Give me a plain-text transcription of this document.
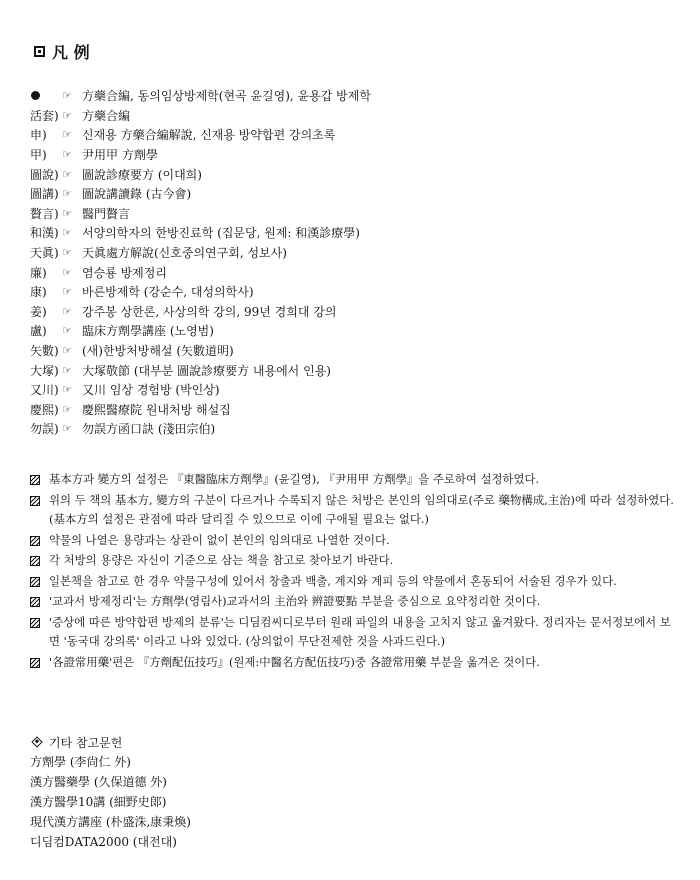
凡 例
☞ 方藥合編, 동의임상방제학(현곡 윤길영), 윤용갑 방제학
活套) ☞ 方藥合編
申)	☞ 신재용 方藥合編解說, 신재용 방약합편 강의초록
甲)	☞ 尹用甲 方劑學
圖說) ☞ 圖說診療要方 (이대희)
圖講) ☞ 圖說講讀錄 (古今會)
贅言) ☞ 醫門贅言
和漢) ☞ 서양의학자의 한방진료학 (집문당, 원제: 和漢診療學)
天眞) ☞ 天眞處方解說(신호중의연구회, 성보사)
廉)	☞ 염승룡 방제정리
康)	☞ 바른방제학 (강순수, 대성의학사)
姜)	☞ 강주봉 상한론, 사상의학 강의, 99년 경희대 강의
盧)	☞ 臨床方劑學講座 (노영범)
矢數) ☞ (새)한방처방해설 (矢數道明)
大塚) ☞ 大塚敬節 (대부분 圖說診療要方 내용에서 인용)
又川) ☞ 又川 임상 경험방 (박인상)
慶熙) ☞ 慶熙醫療院 원내처방 해설집
勿誤) ☞ 勿誤方函口訣 (淺田宗伯)
基本方과 變方의 설정은 『東醫臨床方劑學』(윤길영), 『尹用甲 方劑學』을 주로하여 설정하였다.
위의 두 책의 基本方, 變方의 구분이 다르거나 수록되지 않은 처방은 본인의 임의대로(주로 藥物構成,主治)에 따라 설정하였다. (基本方의 설정은 관점에 따라 달리질 수 있으므로 이에 구애될 필요는 없다.)
약물의 나열은 용량과는 상관이 없이 본인의 임의대로 나열한 것이다.
각 처방의 용량은 자신이 기준으로 삼는 책을 참고로 찾아보기 바란다.
일본책을 참고로 한 경우 약물구성에 있어서 창출과 백출, 계지와 계피 등의 약물에서 혼동되어 서술된 경우가 있다.
'교과서 방제정리'는 方劑學(영림사)교과서의 主治와 辨證要點 부분을 중심으로 요약정리한 것이다.
'증상에 따른 방약합편 방제의 분류'는 디딤컴씨디로부터 원래 파일의 내용을 고치지 않고 옮겨왔다. 정리자는 문서정보에서 보면 '동국대 강의록' 이라고 나와 있었다. (상의없이 무단전제한 것을 사과드린다.)
'各證常用藥'편은 『方劑配伍技巧』(원제:中醫名方配伍技巧)중 各證常用藥 부분을 옮겨온 것이다.
기타 참고문헌
方劑學 (李尙仁 外)
漢方醫藥學 (久保道德 外)
漢方醫學10講 (細野史郞)
現代漢方講座 (朴盛洙,康秉煥)
디딤컴DATA2000 (대전대)
